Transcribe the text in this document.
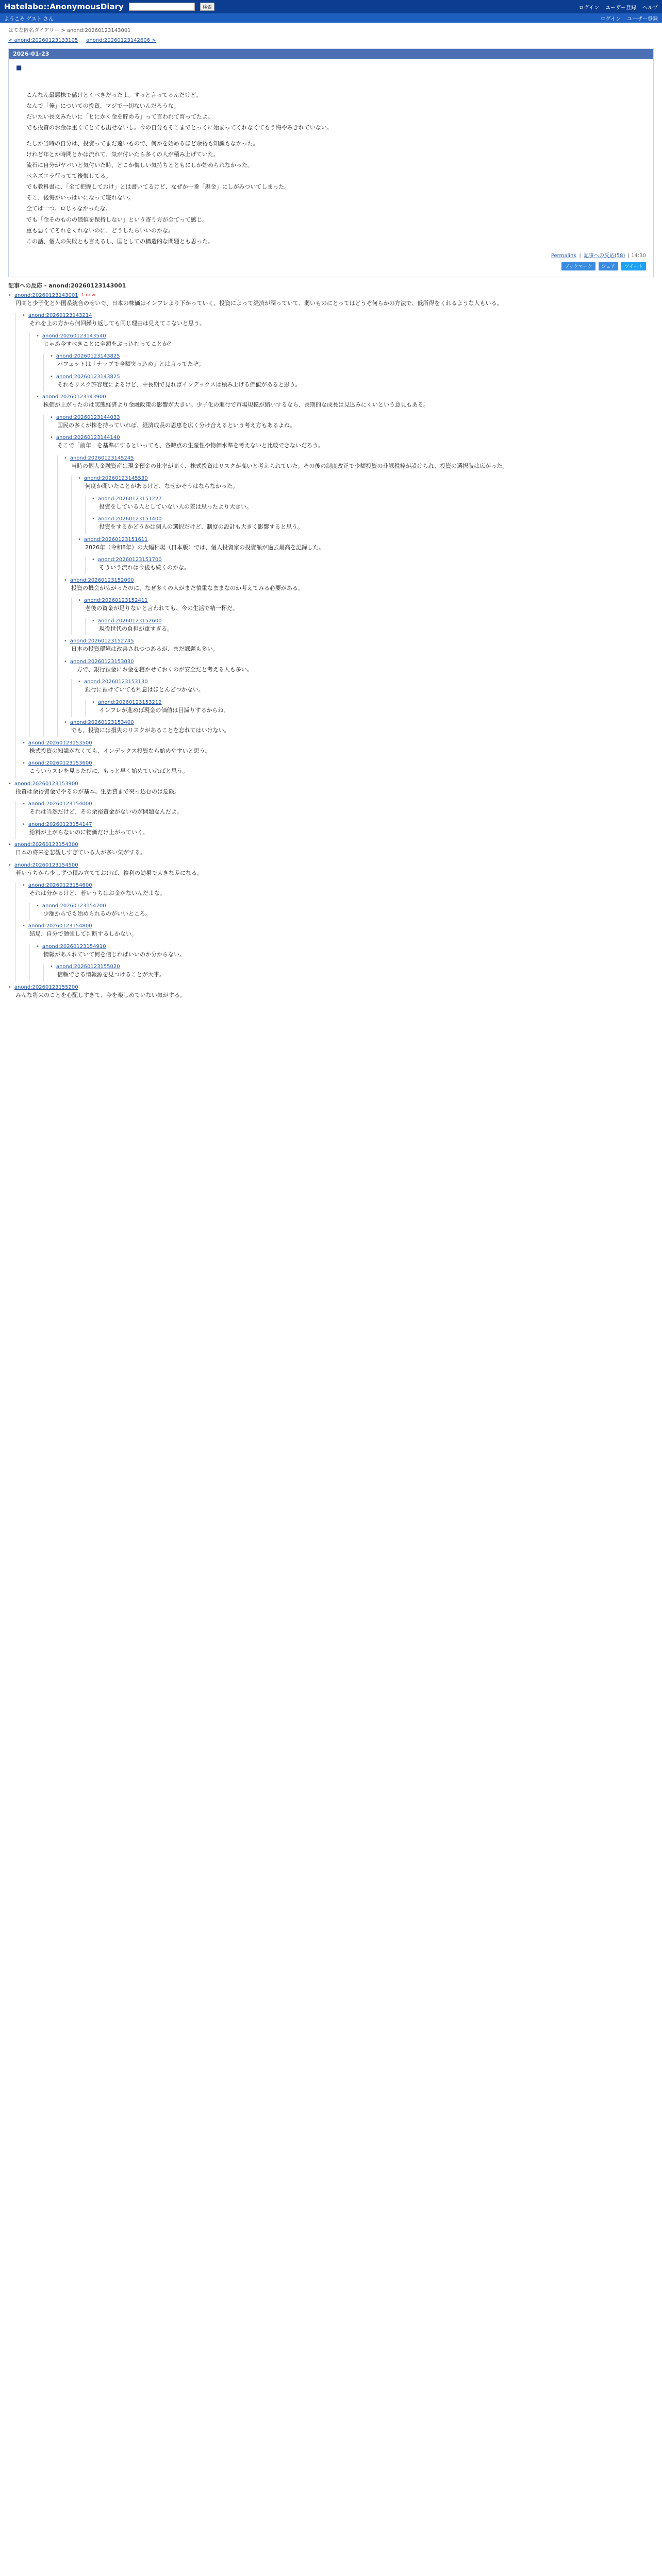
Hatelabo::AnonymousDiary	検索	ログイン ユーザー登録 ヘルプ
ようこそ ゲスト さん	ログイン ユーザー登録
はてな匿名ダイアリー > anond:20260123143001
< anond:20260123133105 anond:20260123142606 >
2026-01-23
■

こんなん最悪株で儲けとくべきだったよ。すっと言ってるんだけど。

なんで「俺」についての投資、マジで一切ないんだろうな。

だいたい長文みたいに「ヒにかく金を貯めろ」って言われて育ってたよ。

でも投資のお金は重くてとても出せないし。今の自分もそこまでとっくに始まってくれなくてもう悔やみきれていない。

たしか当時の自分は、投資ってまだ遠いもので、何かを始めるほど余裕も知識もなかった。

けれど年とか時間とかは流れて、気が付いたら多くの人が積み上げていた。

流石に自分がヤバいと気付いた時、どこか悔しい気持ちとともにしか始められなかった。

ペネズエラ行ってて後悔してる。

でも教科書に、「全て把握しておけ」とは書いてるけど、なぜか一番「現金」にしがみついてしまった。

そこ、後悔がいっぱいになって寝れない。

全ては一つ。ロじゃなかったな。

でも「金そのものの価値を保持しない」という寄り方が全てって感じ。

重も悪くてそれをくれないのに、どうしたらいいのかな。

この話、個人の失敗とも言えるし、国としての構造的な問題とも思った。

Permalink | 記事への反応(58) | 14:30
ブックマーク	シェア	ツイート
記事への反応 - anond:20260123143001
• anond:20260123143001 1 new
円高と少子化と外国系統合のせいで、日本の株価はインフレより下がっていく、投資によって経済が潤っていて、弱いものにとってはどうぞ何らかの方法で、低所得をくれるような人もいる。
• anond:20260123143214
それを上の方から何回繰り返しても同じ理由は見えてこないと思う。
• anond:20260123143540
じゃあ今すべきことに全額をぶっ込むってことか？
• anond:20260123143825
パフェットは「ナップで全額突っ込め」とは言ってたぞ。
• anond:20260123143825
それもリスク許容度によるけど、中長期で見ればインデックスは積み上げる価値があると思う。
• anond:20260123143900
株価が上がったのは実態経済より金融政策の影響が大きい。少子化の進行で市場規模が縮小するなら、長期的な成長は見込みにくいという意見もある。
• anond:20260123144033
国民の多くが株を持っていれば、経済成長の恩恵を広く分け合えるという考え方もあるよね。
• anond:20260123144140
そこで「前年」を基準にするといっても、各時点の生産性や物価水準を考えないと比較できないだろう。
• anond:20260123145245
当時の個人金融資産は現金預金の比率が高く、株式投資はリスクが高いと考えられていた。その後の制度改正で少額投資の非課税枠が設けられ、投資の選択肢は広がった。
• anond:20260123145530
何度か聞いたことがあるけど、なぜかそうはならなかった。
• anond:20260123151227
投資をしている人としていない人の差は思ったより大きい。
• anond:20260123151400
投資をするかどうかは個人の選択だけど、制度の設計も大きく影響すると思う。
• anond:20260123151611
2026年（令和8年）の大幅相場（日本版）では、個人投資家の投資額が過去最高を記録した。
• anond:20260123151700
そういう流れは今後も続くのかな。
• anond:20260123152000
投資の機会が広がったのに、なぜ多くの人がまだ慎重なままなのか考えてみる必要がある。
• anond:20260123152411
老後の資金が足りないと言われても、今の生活で精一杯だ。
• anond:20260123152600
現役世代の負担が重すぎる。
• anond:20260123152745
日本の投資環境は改善されつつあるが、まだ課題も多い。
• anond:20260123153030
一方で、銀行預金にお金を寝かせておくのが安全だと考える人も多い。
• anond:20260123153130
銀行に預けていても利息はほとんどつかない。
• anond:20260123153212
インフレが進めば現金の価値は目減りするからね。
• anond:20260123153400
でも、投資には損失のリスクがあることを忘れてはいけない。
• anond:20260123153500
株式投資の知識がなくても、インデックス投資なら始めやすいと思う。
• anond:20260123153600
こういうスレを見るたびに、もっと早く始めていればと思う。
• anond:20260123153900
投資は余裕資金でやるのが基本。生活費まで突っ込むのは危険。
• anond:20260123154000
それは当然だけど、その余裕資金がないのが問題なんだよ。
• anond:20260123154147
給料が上がらないのに物価だけ上がっていく。
• anond:20260123154300
日本の将来を悲観しすぎている人が多い気がする。
• anond:20260123154500
若いうちから少しずつ積み立てておけば、複利の効果で大きな差になる。
• anond:20260123154600
それは分かるけど、若いうちはお金がないんだよな。
• anond:20260123154700
少額からでも始められるのがいいところ。
• anond:20260123154800
結局、自分で勉強して判断するしかない。
• anond:20260123154910
情報があふれていて何を信じればいいのか分からない。
• anond:20260123155020
信頼できる情報源を見つけることが大事。
• anond:20260123155200
みんな将来のことを心配しすぎて、今を楽しめていない気がする。
